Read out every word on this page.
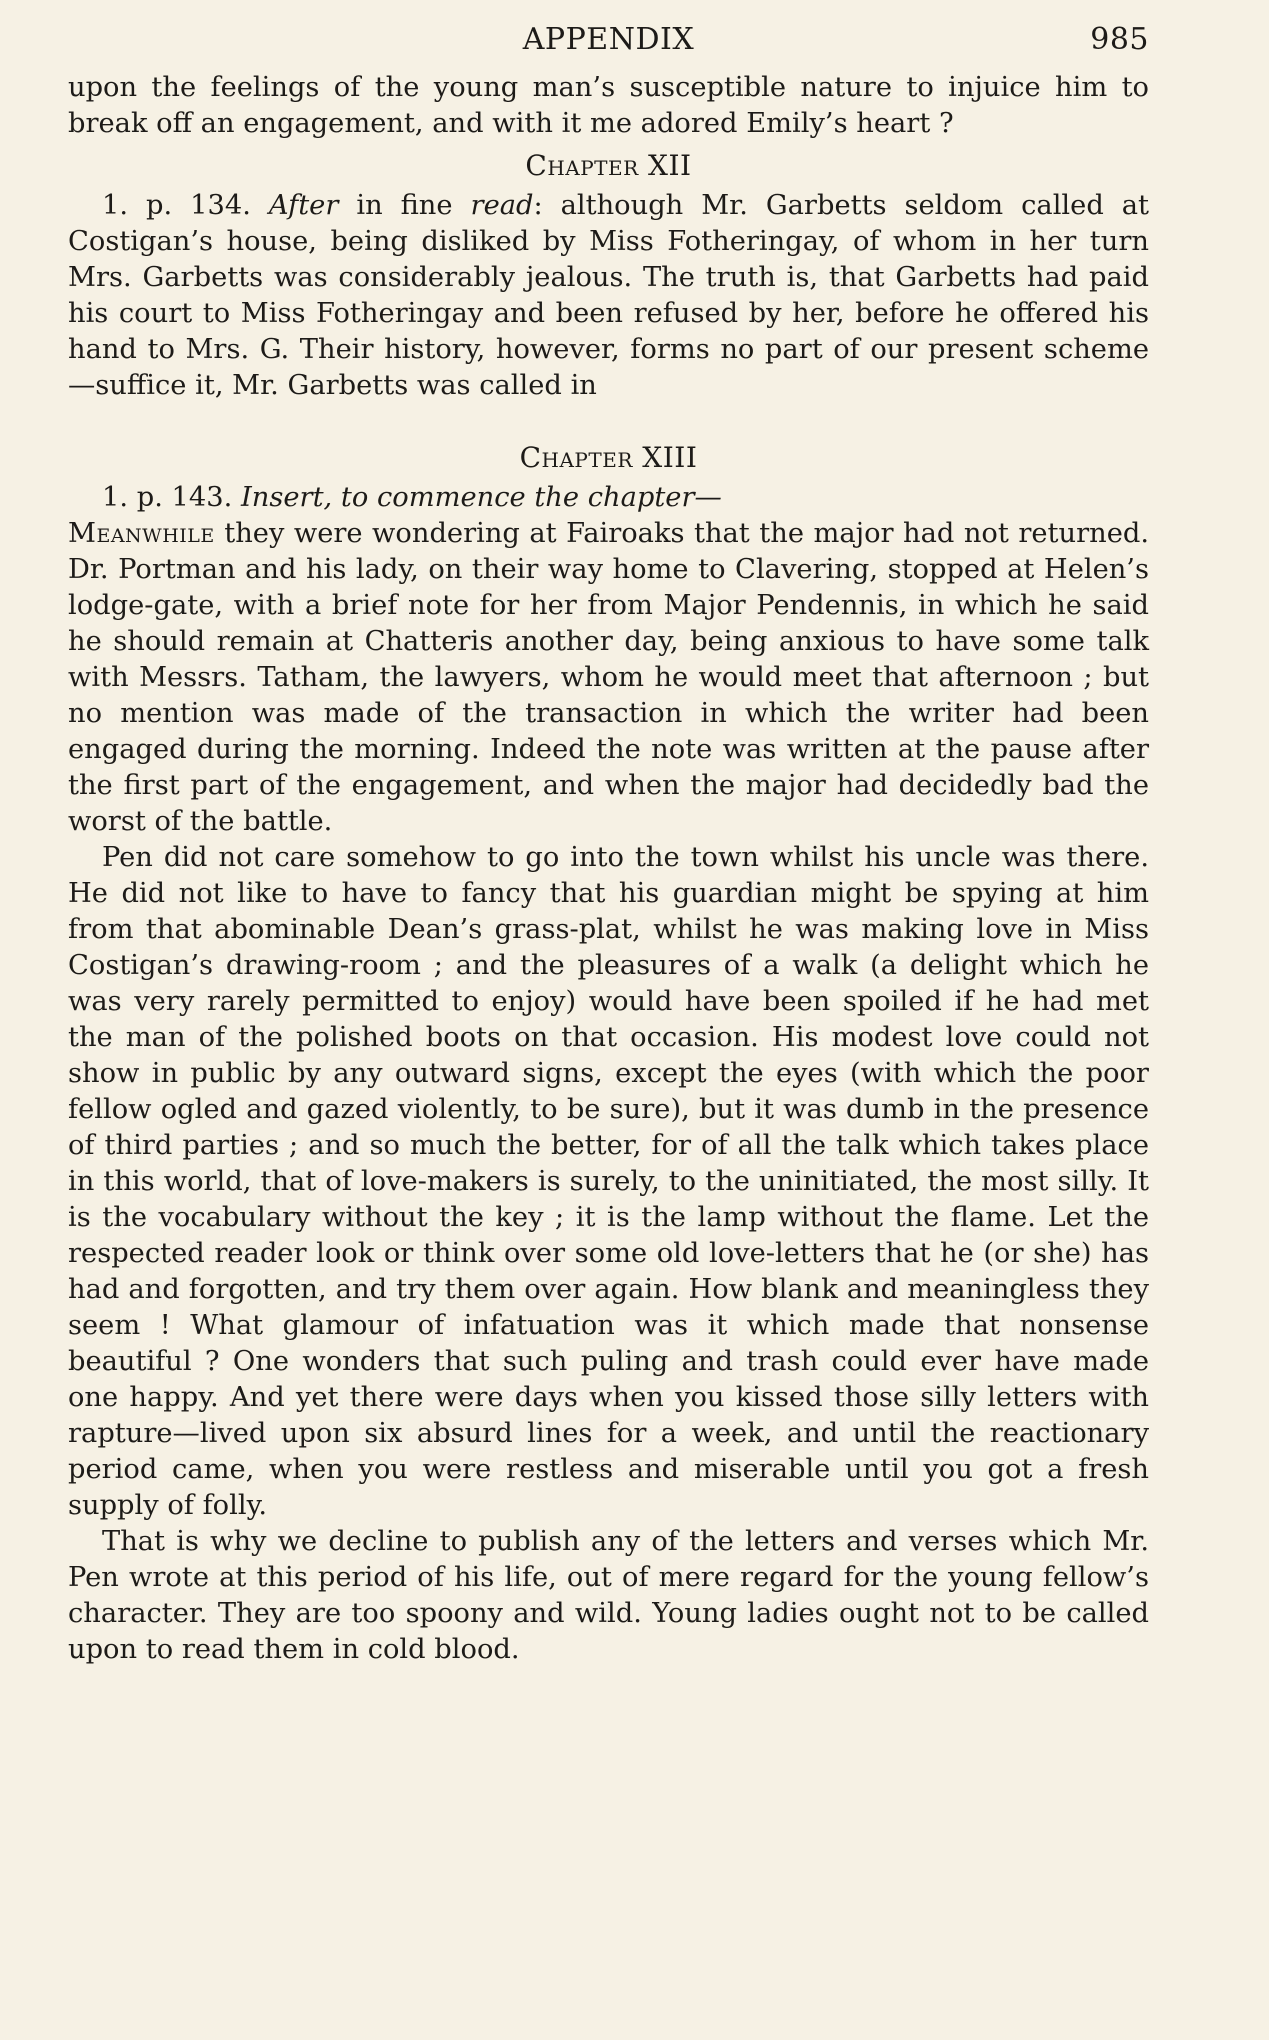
APPENDIX	985

upon the feelings of the young man’s susceptible nature to injuice him to break off an engagement, and with it me adored Emily’s heart ?

Chapter XII

1. p. 134. After in fine read: although Mr. Garbetts seldom called at Costigan’s house, being disliked by Miss Fotheringay, of whom in her turn Mrs. Garbetts was considerably jealous. The truth is, that Garbetts had paid his court to Miss Fotheringay and been refused by her, before he offered his hand to Mrs. G. Their history, however, forms no part of our present scheme—suffice it, Mr. Garbetts was called in

Chapter XIII

1. p. 143. Insert, to commence the chapter—

Meanwhile they were wondering at Fairoaks that the major had not returned. Dr. Portman and his lady, on their way home to Clavering, stopped at Helen’s lodge-gate, with a brief note for her from Major Pendennis, in which he said he should remain at Chatteris another day, being anxious to have some talk with Messrs. Tatham, the lawyers, whom he would meet that afternoon ; but no mention was made of the transaction in which the writer had been engaged during the morning. Indeed the note was written at the pause after the first part of the engagement, and when the major had decidedly bad the worst of the battle.

Pen did not care somehow to go into the town whilst his uncle was there. He did not like to have to fancy that his guardian might be spying at him from that abominable Dean’s grass-plat, whilst he was making love in Miss Costigan’s drawing-room ; and the pleasures of a walk (a delight which he was very rarely permitted to enjoy) would have been spoiled if he had met the man of the polished boots on that occasion. His modest love could not show in public by any outward signs, except the eyes (with which the poor fellow ogled and gazed violently, to be sure), but it was dumb in the presence of third parties ; and so much the better, for of all the talk which takes place in this world, that of love-makers is surely, to the uninitiated, the most silly. It is the vocabulary without the key ; it is the lamp without the flame. Let the respected reader look or think over some old love-letters that he (or she) has had and forgotten, and try them over again. How blank and meaningless they seem ! What glamour of infatuation was it which made that nonsense beautiful ? One wonders that such puling and trash could ever have made one happy. And yet there were days when you kissed those silly letters with rapture—lived upon six absurd lines for a week, and until the reactionary period came, when you were restless and miserable until you got a fresh supply of folly.

That is why we decline to publish any of the letters and verses which Mr. Pen wrote at this period of his life, out of mere regard for the young fellow’s character. They are too spoony and wild. Young ladies ought not to be called upon to read them in cold blood.
